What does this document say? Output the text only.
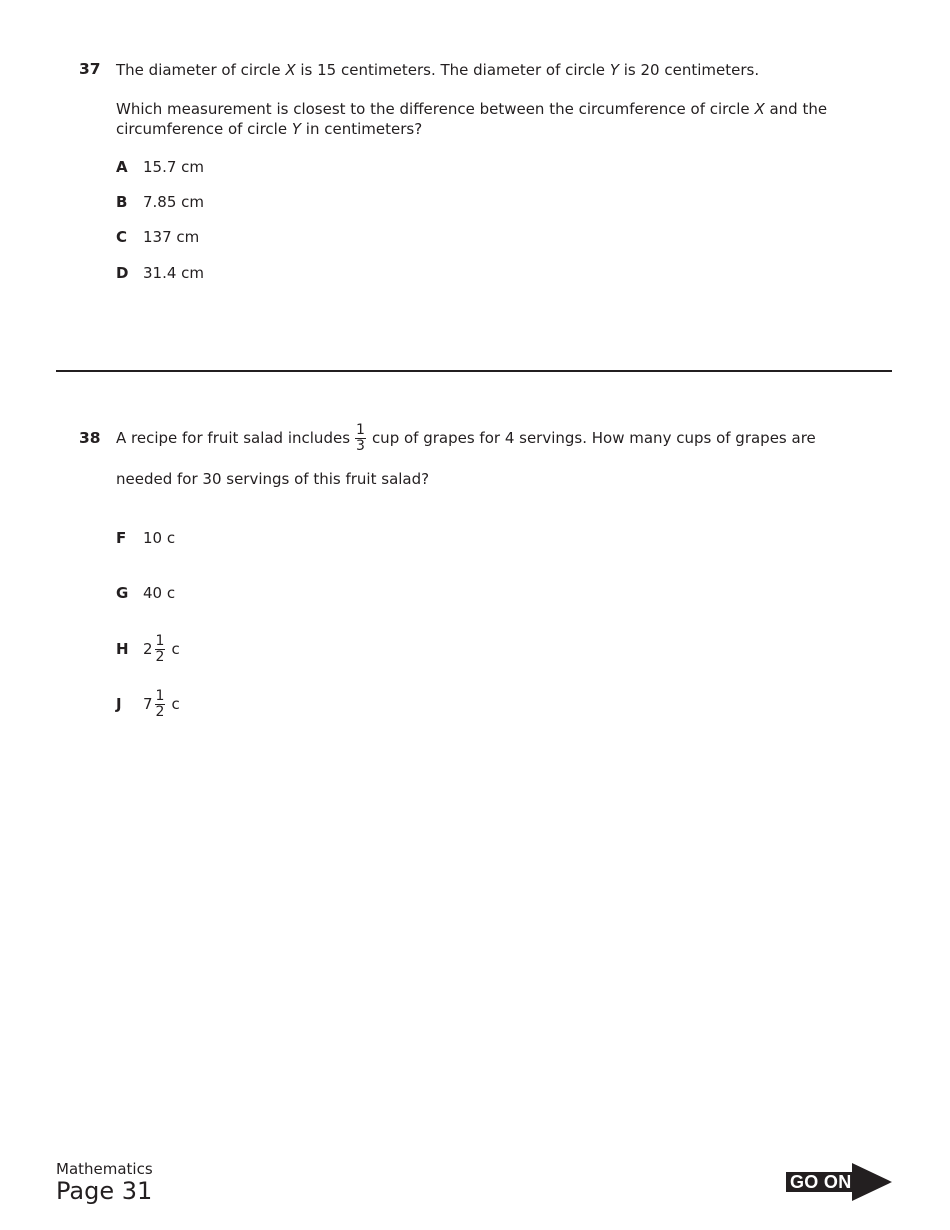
37 The diameter of circle X is 15 centimeters. The diameter of circle Y is 20 centimeters.
Which measurement is closest to the difference between the circumference of circle X and the
circumference of circle Y in centimeters?
A 15.7 cm
B 7.85 cm
C 137 cm
D 31.4 cm
38 A recipe for fruit salad includes $\frac{1}{3}$ cup of grapes for 4 servings. How many cups of grapes are
needed for 30 servings of this fruit salad?
F 10 c
G 40 c
H $2 \frac{1}{2}$ c
J	$7 \frac{1}{2}$ c
Mathematics
Page 31	GO ON
